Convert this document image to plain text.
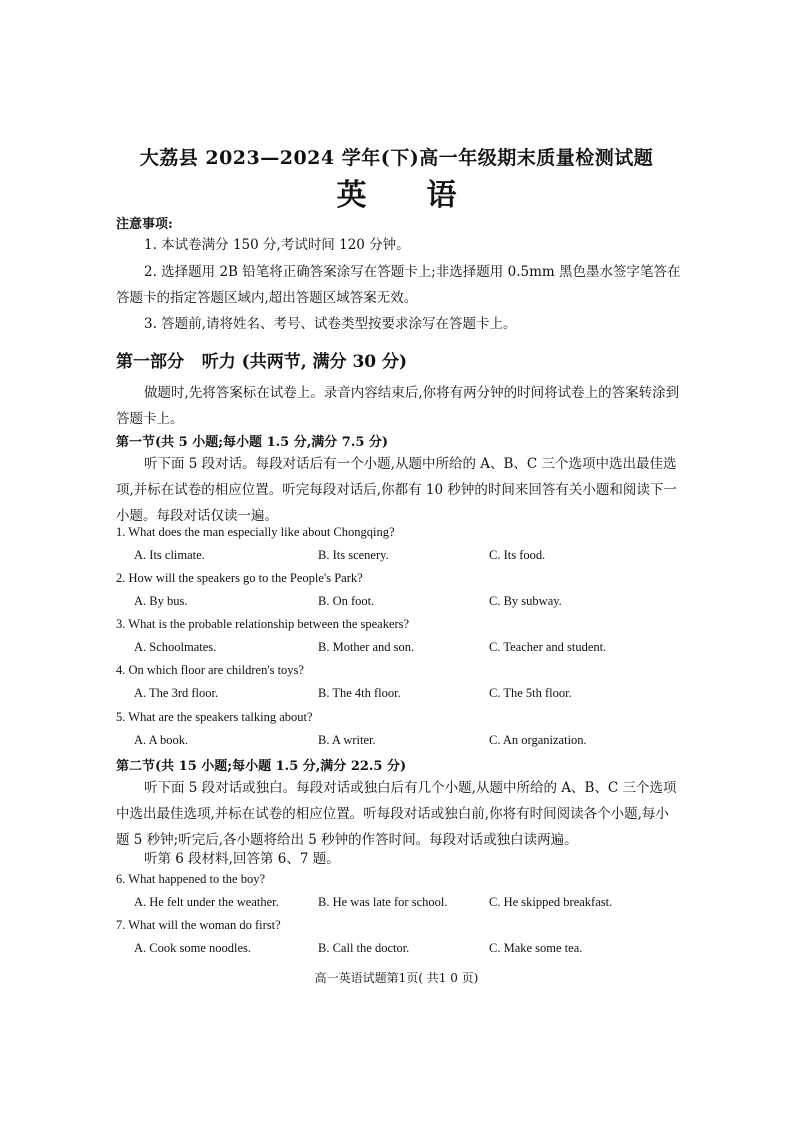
大荔县 2023—2024 学年(下)高一年级期末质量检测试题
英语
注意事项:
1. 本试卷满分 150 分,考试时间 120 分钟。
2. 选择题用 2B 铅笔将正确答案涂写在答题卡上;非选择题用 0.5mm 黑色墨水签字笔答在答题卡的指定答题区域内,超出答题区域答案无效。
3. 答题前,请将姓名、考号、试卷类型按要求涂写在答题卡上。
第一部分   听力 (共两节, 满分 30 分)
做题时,先将答案标在试卷上。录音内容结束后,你将有两分钟的时间将试卷上的答案转涂到答题卡上。
第一节(共 5 小题;每小题 1.5 分,满分 7.5 分)
听下面 5 段对话。每段对话后有一个小题,从题中所给的 A、B、C 三个选项中选出最佳选项,并标在试卷的相应位置。听完每段对话后,你都有 10 秒钟的时间来回答有关小题和阅读下一小题。每段对话仅读一遍。
1. What does the man especially like about Chongqing?
A. Its climate.	B. Its scenery.	C. Its food.
2. How will the speakers go to the People's Park?
A. By bus.	B. On foot.	C. By subway.
3. What is the probable relationship between the speakers?
A. Schoolmates.	B. Mother and son.	C. Teacher and student.
4. On which floor are children's toys?
A. The 3rd floor.	B. The 4th floor.	C. The 5th floor.
5. What are the speakers talking about?
A. A book.	B. A writer.	C. An organization.
第二节(共 15 小题;每小题 1.5 分,满分 22.5 分)
听下面 5 段对话或独白。每段对话或独白后有几个小题,从题中所给的 A、B、C 三个选项中选出最佳选项,并标在试卷的相应位置。听每段对话或独白前,你将有时间阅读各个小题,每小题 5 秒钟;听完后,各小题将给出 5 秒钟的作答时间。每段对话或独白读两遍。
听第 6 段材料,回答第 6、7 题。
6. What happened to the boy?
A. He felt under the weather.	B. He was late for school.	C. He skipped breakfast.
7. What will the woman do first?
A. Cook some noodles.	B. Call the doctor.	C. Make some tea.
高一英语试题第1页( 共1 0 页)
